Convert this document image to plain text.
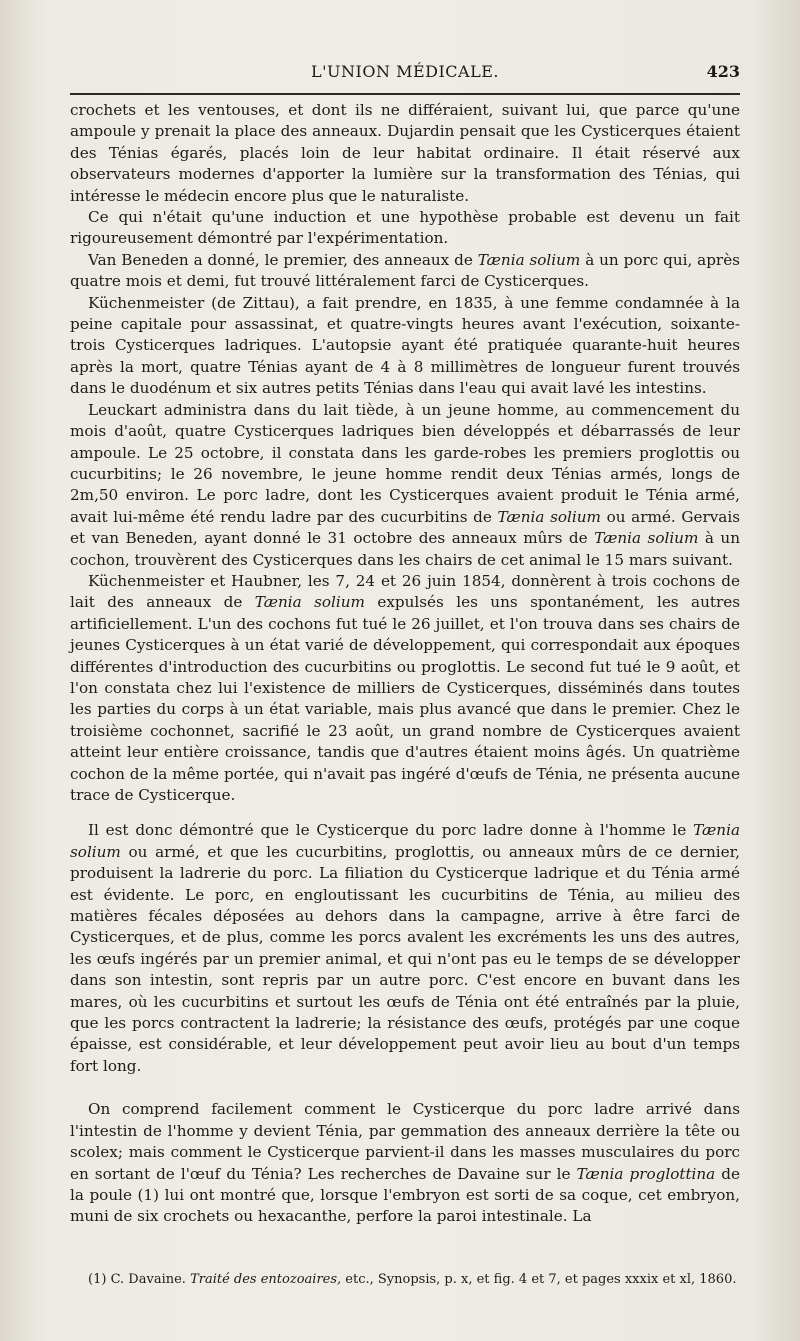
L'UNION MÉDICALE.	423

crochets et les ventouses, et dont ils ne différaient, suivant lui, que parce qu'une ampoule y prenait la place des anneaux. Dujardin pensait que les Cysticerques étaient des Ténias égarés, placés loin de leur habitat ordinaire. Il était réservé aux observateurs modernes d'apporter la lumière sur la transformation des Ténias, qui intéresse le médecin encore plus que le naturaliste.

Ce qui n'était qu'une induction et une hypothèse probable est devenu un fait rigoureusement démontré par l'expérimentation.

Van Beneden a donné, le premier, des anneaux de Tænia solium à un porc qui, après quatre mois et demi, fut trouvé littéralement farci de Cysticerques.

Küchenmeister (de Zittau), a fait prendre, en 1835, à une femme condamnée à la peine capitale pour assassinat, et quatre-vingts heures avant l'exécution, soixante-trois Cysticerques ladriques. L'autopsie ayant été pratiquée quarante-huit heures après la mort, quatre Ténias ayant de 4 à 8 millimètres de longueur furent trouvés dans le duodénum et six autres petits Ténias dans l'eau qui avait lavé les intestins.

Leuckart administra dans du lait tiède, à un jeune homme, au commencement du mois d'août, quatre Cysticerques ladriques bien développés et débarrassés de leur ampoule. Le 25 octobre, il constata dans les garde-robes les premiers proglottis ou cucurbitins; le 26 novembre, le jeune homme rendit deux Ténias armés, longs de 2m,50 environ. Le porc ladre, dont les Cysticerques avaient produit le Ténia armé, avait lui-même été rendu ladre par des cucurbitins de Tænia solium ou armé. Gervais et van Beneden, ayant donné le 31 octobre des anneaux mûrs de Tænia solium à un cochon, trouvèrent des Cysticerques dans les chairs de cet animal le 15 mars suivant.

Küchenmeister et Haubner, les 7, 24 et 26 juin 1854, donnèrent à trois cochons de lait des anneaux de Tænia solium expulsés les uns spontanément, les autres artificiellement. L'un des cochons fut tué le 26 juillet, et l'on trouva dans ses chairs de jeunes Cysticerques à un état varié de développement, qui correspondait aux époques différentes d'introduction des cucurbitins ou proglottis. Le second fut tué le 9 août, et l'on constata chez lui l'existence de milliers de Cysticerques, disséminés dans toutes les parties du corps à un état variable, mais plus avancé que dans le premier. Chez le troisième cochonnet, sacrifié le 23 août, un grand nombre de Cysticerques avaient atteint leur entière croissance, tandis que d'autres étaient moins âgés. Un quatrième cochon de la même portée, qui n'avait pas ingéré d'œufs de Ténia, ne présenta aucune trace de Cysticerque.

Il est donc démontré que le Cysticerque du porc ladre donne à l'homme le Tænia solium ou armé, et que les cucurbitins, proglottis, ou anneaux mûrs de ce dernier, produisent la ladrerie du porc. La filiation du Cysticerque ladrique et du Ténia armé est évidente. Le porc, en engloutissant les cucurbitins de Ténia, au milieu des matières fécales déposées au dehors dans la campagne, arrive à être farci de Cysticerques, et de plus, comme les porcs avalent les excréments les uns des autres, les œufs ingérés par un premier animal, et qui n'ont pas eu le temps de se développer dans son intestin, sont repris par un autre porc. C'est encore en buvant dans les mares, où les cucurbitins et surtout les œufs de Ténia ont été entraînés par la pluie, que les porcs contractent la ladrerie; la résistance des œufs, protégés par une coque épaisse, est considérable, et leur développement peut avoir lieu au bout d'un temps fort long.

On comprend facilement comment le Cysticerque du porc ladre arrivé dans l'intestin de l'homme y devient Ténia, par gemmation des anneaux derrière la tête ou scolex; mais comment le Cysticerque parvient-il dans les masses musculaires du porc en sortant de l'œuf du Ténia? Les recherches de Davaine sur le Tænia proglottina de la poule (1) lui ont montré que, lorsque l'embryon est sorti de sa coque, cet embryon, muni de six crochets ou hexacanthe, perfore la paroi intestinale. La

(1) C. Davaine. Traité des entozoaires, etc., Synopsis, p. x, et fig. 4 et 7, et pages xxxix et xl, 1860.
